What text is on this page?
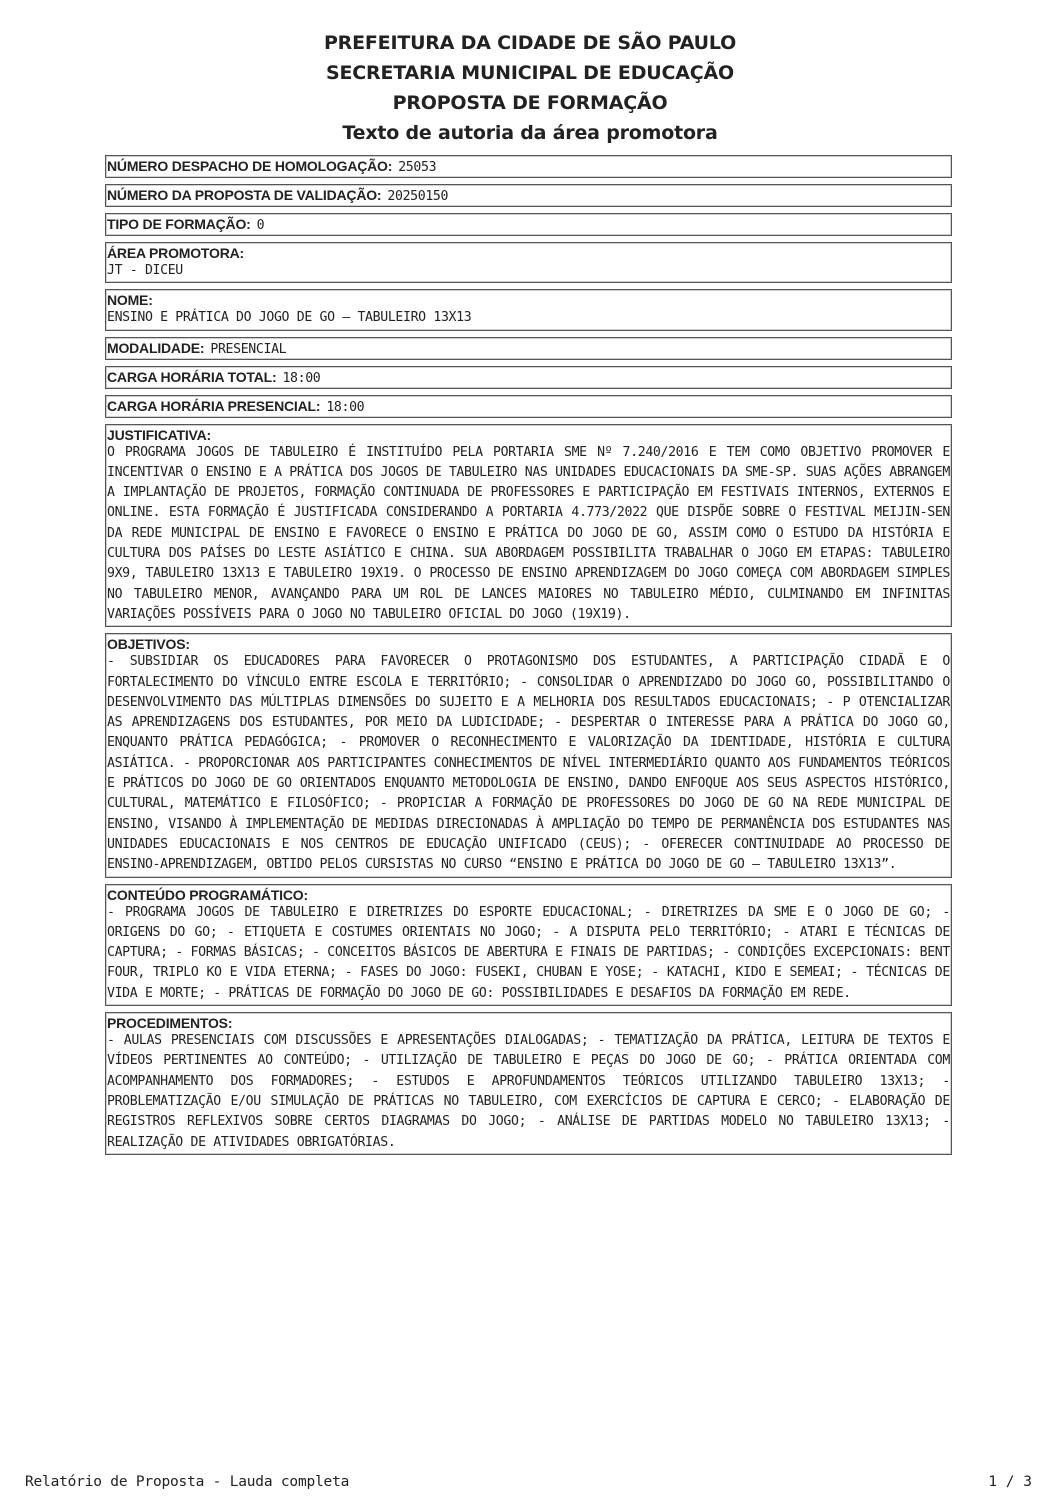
PREFEITURA DA CIDADE DE SÃO PAULO
SECRETARIA MUNICIPAL DE EDUCAÇÃO
PROPOSTA DE FORMAÇÃO
Texto de autoria da área promotora
NÚMERO DESPACHO DE HOMOLOGAÇÃO: 25053
NÚMERO DA PROPOSTA DE VALIDAÇÃO: 20250150
TIPO DE FORMAÇÃO: 0
ÁREA PROMOTORA:
JT - DICEU
NOME:
ENSINO E PRÁTICA DO JOGO DE GO — TABULEIRO 13X13
MODALIDADE: PRESENCIAL
CARGA HORÁRIA TOTAL: 18:00
CARGA HORÁRIA PRESENCIAL: 18:00
JUSTIFICATIVA:
O PROGRAMA JOGOS DE TABULEIRO É INSTITUÍDO PELA PORTARIA SME Nº 7.240/2016 E TEM COMO OBJETIVO PROMOVER E INCENTIVAR O ENSINO E A PRÁTICA DOS JOGOS DE TABULEIRO NAS UNIDADES EDUCACIONAIS DA SME-SP. SUAS AÇÕES ABRANGEM A IMPLANTAÇÃO DE PROJETOS, FORMAÇÃO CONTINUADA DE PROFESSORES E PARTICIPAÇÃO EM FESTIVAIS INTERNOS, EXTERNOS E ONLINE. ESTA FORMAÇÃO É JUSTIFICADA CONSIDERANDO A PORTARIA 4.773/2022 QUE DISPÕE SOBRE O FESTIVAL MEIJIN-SEN DA REDE MUNICIPAL DE ENSINO E FAVORECE O ENSINO E PRÁTICA DO JOGO DE GO, ASSIM COMO O ESTUDO DA HISTÓRIA E CULTURA DOS PAÍSES DO LESTE ASIÁTICO E CHINA. SUA ABORDAGEM POSSIBILITA TRABALHAR O JOGO EM ETAPAS: TABULEIRO 9X9, TABULEIRO 13X13 E TABULEIRO 19X19. O PROCESSO DE ENSINO APRENDIZAGEM DO JOGO COMEÇA COM ABORDAGEM SIMPLES NO TABULEIRO MENOR, AVANÇANDO PARA UM ROL DE LANCES MAIORES NO TABULEIRO MÉDIO, CULMINANDO EM INFINITAS VARIAÇÕES POSSÍVEIS PARA O JOGO NO TABULEIRO OFICIAL DO JOGO (19X19).
OBJETIVOS:
- SUBSIDIAR OS EDUCADORES PARA FAVORECER O PROTAGONISMO DOS ESTUDANTES, A PARTICIPAÇÃO CIDADÃ E O FORTALECIMENTO DO VÍNCULO ENTRE ESCOLA E TERRITÓRIO; - CONSOLIDAR O APRENDIZADO DO JOGO GO, POSSIBILITANDO O DESENVOLVIMENTO DAS MÚLTIPLAS DIMENSÕES DO SUJEITO E A MELHORIA DOS RESULTADOS EDUCACIONAIS; - P OTENCIALIZAR AS APRENDIZAGENS DOS ESTUDANTES, POR MEIO DA LUDICIDADE; - DESPERTAR O INTERESSE PARA A PRÁTICA DO JOGO GO, ENQUANTO PRÁTICA PEDAGÓGICA; - PROMOVER O RECONHECIMENTO E VALORIZAÇÃO DA IDENTIDADE, HISTÓRIA E CULTURA ASIÁTICA. - PROPORCIONAR AOS PARTICIPANTES CONHECIMENTOS DE NÍVEL INTERMEDIÁRIO QUANTO AOS FUNDAMENTOS TEÓRICOS E PRÁTICOS DO JOGO DE GO ORIENTADOS ENQUANTO METODOLOGIA DE ENSINO, DANDO ENFOQUE AOS SEUS ASPECTOS HISTÓRICO, CULTURAL, MATEMÁTICO E FILOSÓFICO; - PROPICIAR A FORMAÇÃO DE PROFESSORES DO JOGO DE GO NA REDE MUNICIPAL DE ENSINO, VISANDO À IMPLEMENTAÇÃO DE MEDIDAS DIRECIONADAS À AMPLIAÇÃO DO TEMPO DE PERMANÊNCIA DOS ESTUDANTES NAS UNIDADES EDUCACIONAIS E NOS CENTROS DE EDUCAÇÃO UNIFICADO (CEUS); - OFERECER CONTINUIDADE AO PROCESSO DE ENSINO-APRENDIZAGEM, OBTIDO PELOS CURSISTAS NO CURSO “ENSINO E PRÁTICA DO JOGO DE GO — TABULEIRO 13X13”.
CONTEÚDO PROGRAMÁTICO:
- PROGRAMA JOGOS DE TABULEIRO E DIRETRIZES DO ESPORTE EDUCACIONAL; - DIRETRIZES DA SME E O JOGO DE GO; - ORIGENS DO GO; - ETIQUETA E COSTUMES ORIENTAIS NO JOGO; - A DISPUTA PELO TERRITÓRIO; - ATARI E TÉCNICAS DE CAPTURA; - FORMAS BÁSICAS; - CONCEITOS BÁSICOS DE ABERTURA E FINAIS DE PARTIDAS; - CONDIÇÕES EXCEPCIONAIS: BENT FOUR, TRIPLO KO E VIDA ETERNA; - FASES DO JOGO: FUSEKI, CHUBAN E YOSE; - KATACHI, KIDO E SEMEAI; - TÉCNICAS DE VIDA E MORTE; - PRÁTICAS DE FORMAÇÃO DO JOGO DE GO: POSSIBILIDADES E DESAFIOS DA FORMAÇÃO EM REDE.
PROCEDIMENTOS:
- AULAS PRESENCIAIS COM DISCUSSÕES E APRESENTAÇÕES DIALOGADAS; - TEMATIZAÇÃO DA PRÁTICA, LEITURA DE TEXTOS E VÍDEOS PERTINENTES AO CONTEÚDO; - UTILIZAÇÃO DE TABULEIRO E PEÇAS DO JOGO DE GO; - PRÁTICA ORIENTADA COM ACOMPANHAMENTO DOS FORMADORES; - ESTUDOS E APROFUNDAMENTOS TEÓRICOS UTILIZANDO TABULEIRO 13X13; - PROBLEMATIZAÇÃO E/OU SIMULAÇÃO DE PRÁTICAS NO TABULEIRO, COM EXERCÍCIOS DE CAPTURA E CERCO; - ELABORAÇÃO DE REGISTROS REFLEXIVOS SOBRE CERTOS DIAGRAMAS DO JOGO; - ANÁLISE DE PARTIDAS MODELO NO TABULEIRO 13X13; - REALIZAÇÃO DE ATIVIDADES OBRIGATÓRIAS.
Relatório de Proposta - Lauda completa	1 / 3
